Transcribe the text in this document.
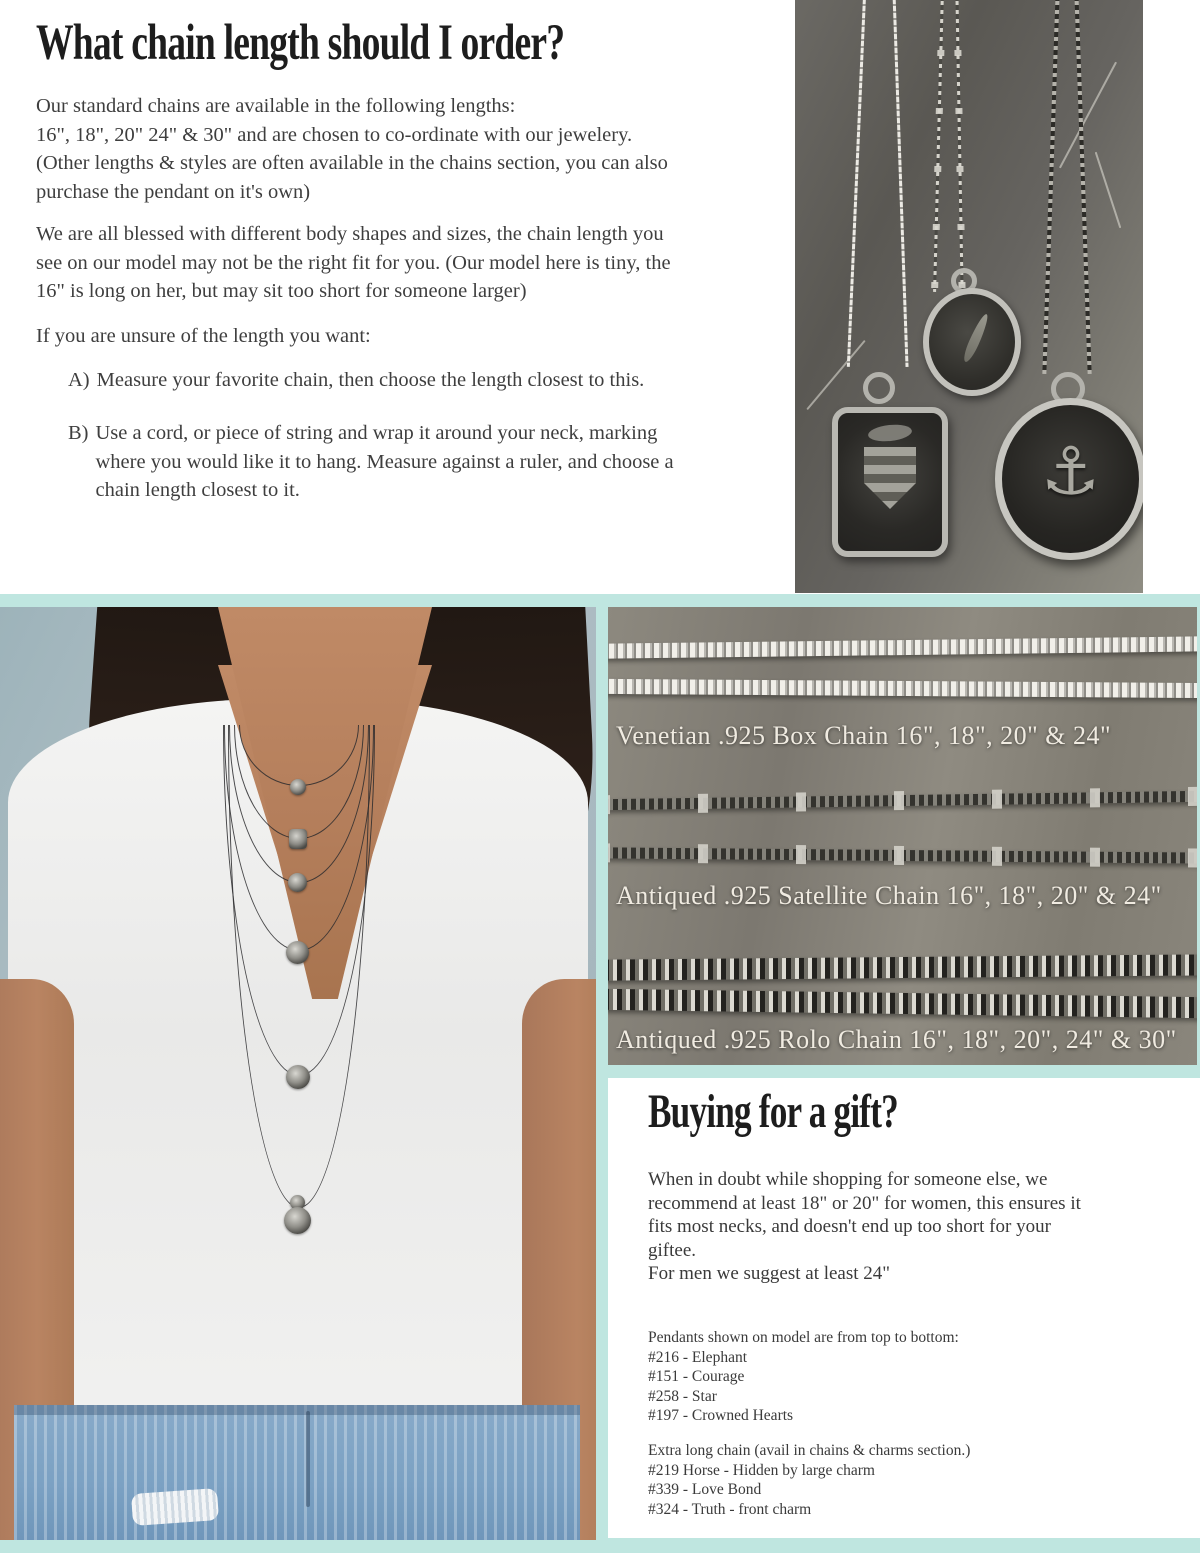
What chain length should I order?
Our standard chains are available in the following lengths:
16", 18", 20" 24" & 30" and are chosen to co-ordinate with our jewelery.
(Other lengths & styles are often available in the chains section, you can also
purchase the pendant on it's own)
We are all blessed with different body shapes and sizes, the chain length you
see on our model may not be the right fit for you. (Our model here is tiny, the
16" is long on her, but may sit too short for someone larger)
If you are unsure of the length you want:
A) Measure your favorite chain, then choose the length closest to this.
B) Use a cord, or piece of string and wrap it around your neck, marking
where you would like it to hang. Measure against a ruler, and choose a
chain length closest to it.	⚓
Venetian .925 Box Chain 16", 18", 20" & 24"
Antiqued .925 Satellite Chain 16", 18", 20" & 24"
Antiqued .925 Rolo Chain 16", 18", 20", 24" & 30"
Buying for a gift?
When in doubt while shopping for someone else, we
recommend at least 18" or 20" for women, this ensures it
fits most necks, and doesn't end up too short for your
giftee.
For men we suggest at least 24"
Pendants shown on model are from top to bottom:
#216 - Elephant
#151 - Courage
#258 - Star
#197 - Crowned Hearts
Extra long chain (avail in chains & charms section.)
#219 Horse - Hidden by large charm
#339 - Love Bond
#324 - Truth - front charm
